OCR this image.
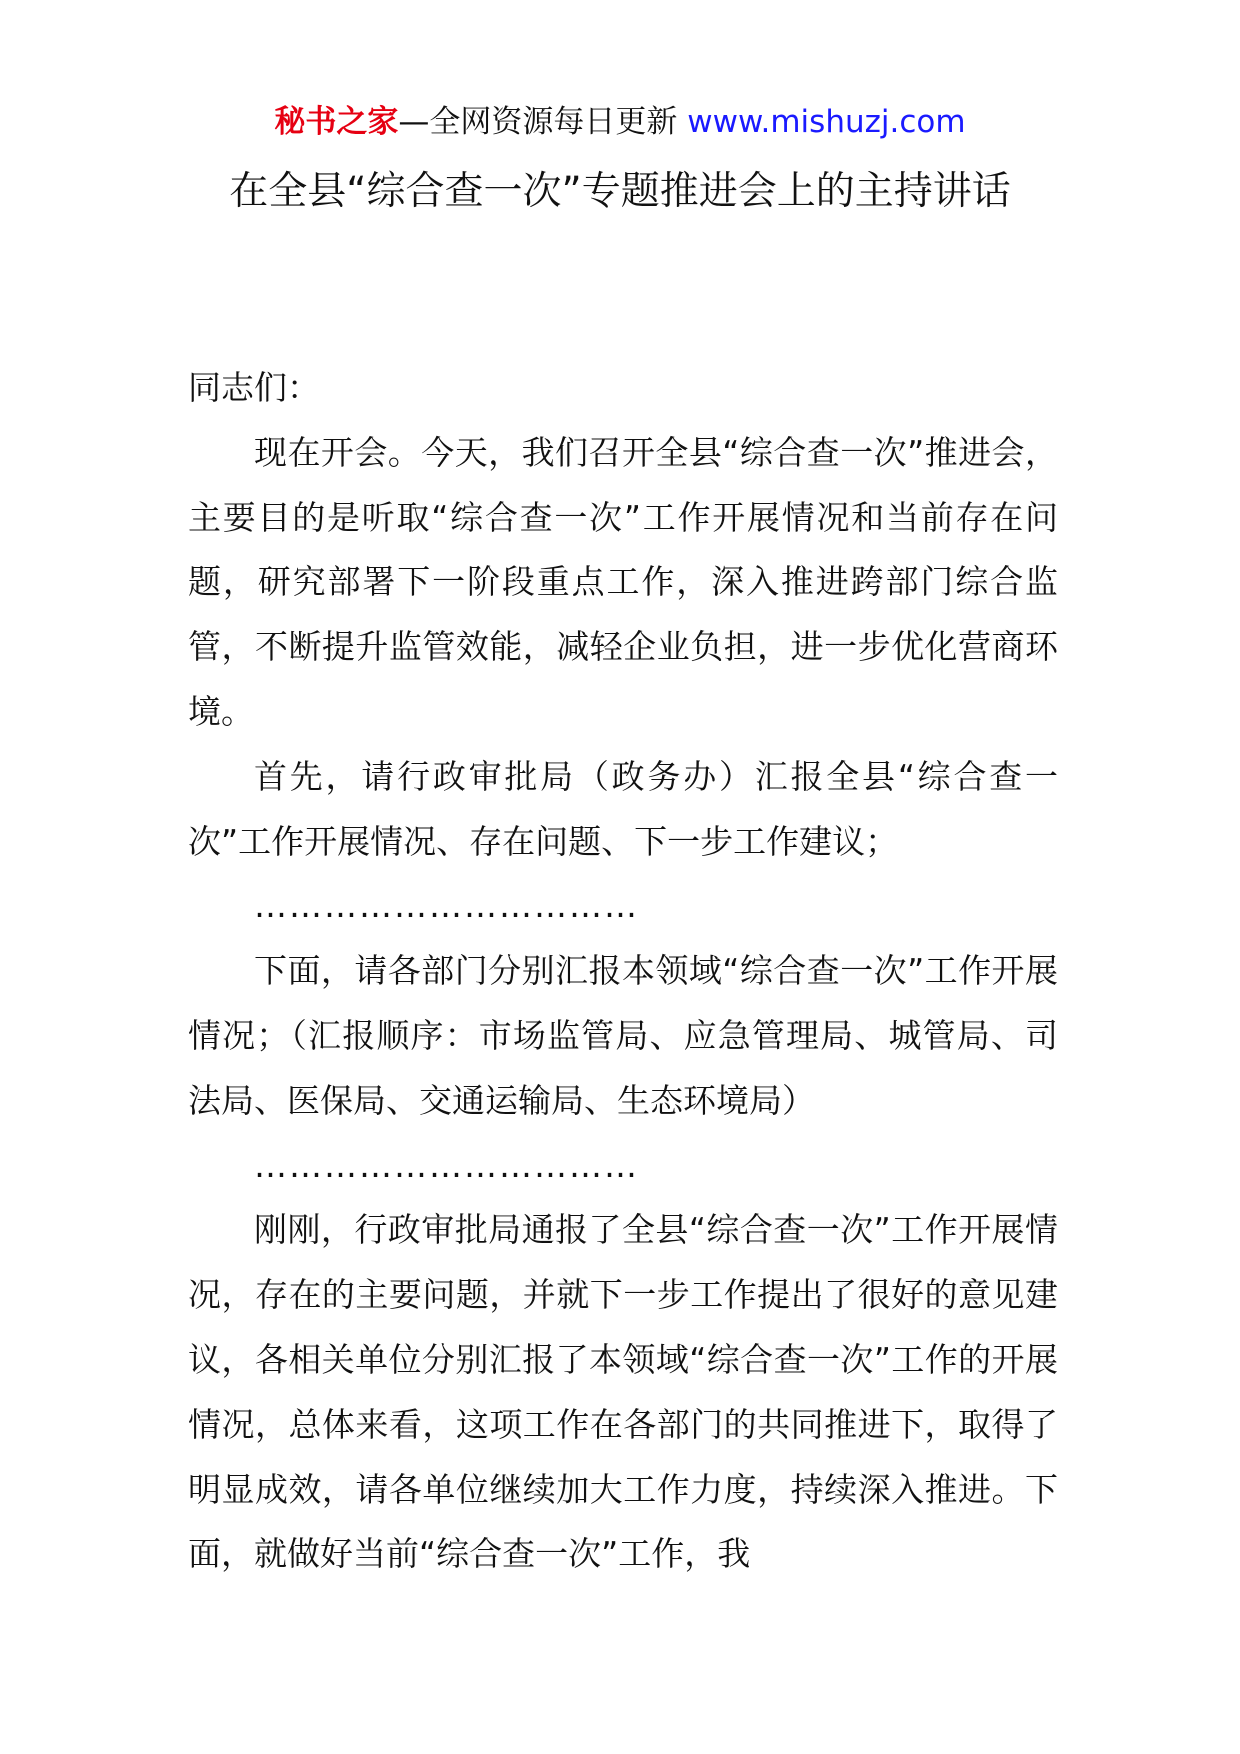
秘书之家—全网资源每日更新 www.mishuzj.com
在全县“综合查一次”专题推进会上的主持讲话

同志们：

现在开会。今天，我们召开全县“综合查一次”推进会，主要目的是听取“综合查一次”工作开展情况和当前存在问题，研究部署下一阶段重点工作，深入推进跨部门综合监管，不断提升监管效能，减轻企业负担，进一步优化营商环境。

首先，请行政审批局（政务办）汇报全县“综合查一次”工作开展情况、存在问题、下一步工作建议；

……………………………

下面，请各部门分别汇报本领域“综合查一次”工作开展情况；（汇报顺序：市场监管局、应急管理局、城管局、司法局、医保局、交通运输局、生态环境局）

……………………………

刚刚，行政审批局通报了全县“综合查一次”工作开展情况，存在的主要问题，并就下一步工作提出了很好的意见建议，各相关单位分别汇报了本领域“综合查一次”工作的开展情况，总体来看，这项工作在各部门的共同推进下，取得了明显成效，请各单位继续加大工作力度，持续深入推进。下面，就做好当前“综合查一次”工作，我
